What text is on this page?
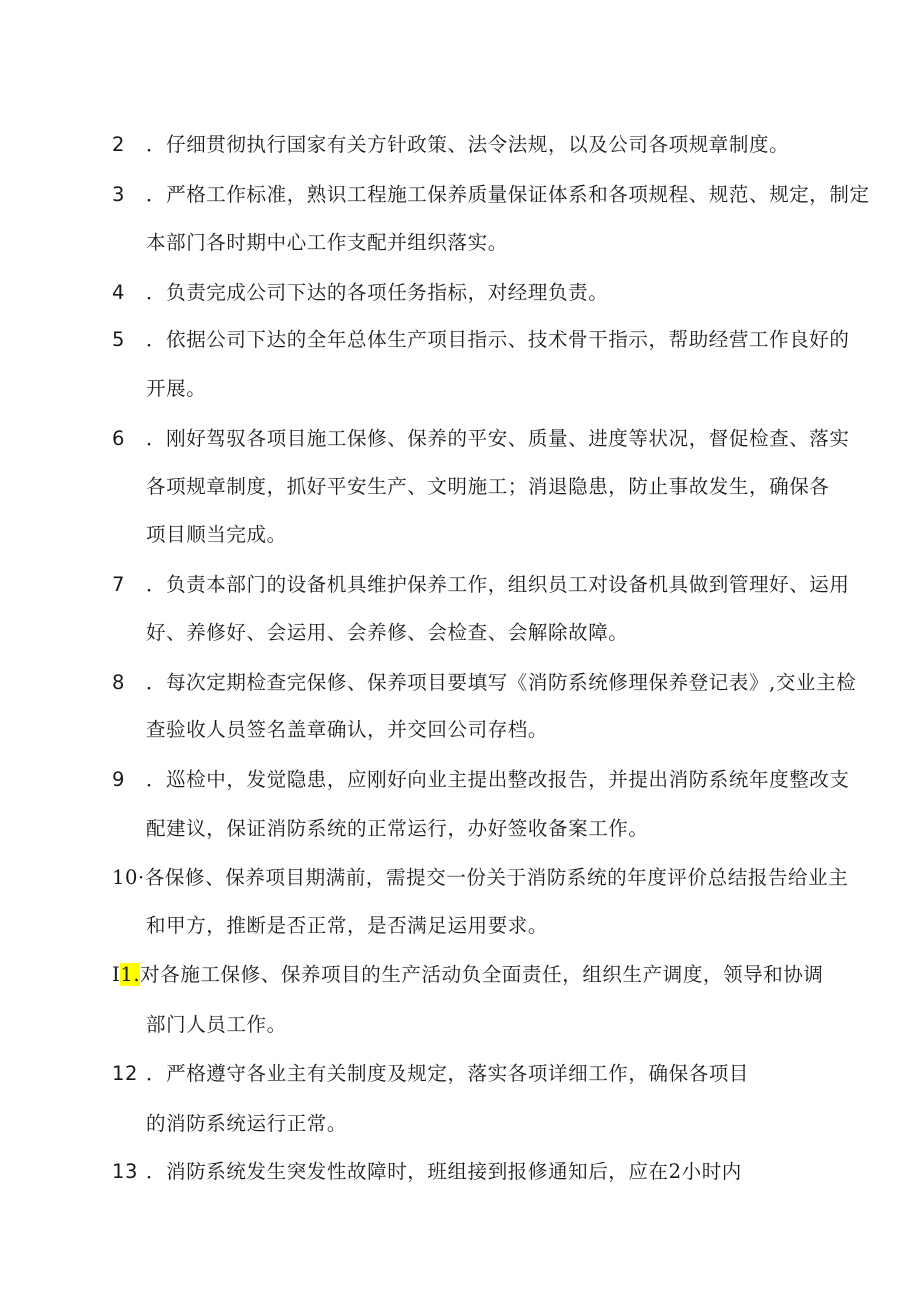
2 ．仔细贯彻执行国家有关方针政策、法令法规，以及公司各项规章制度。
3 ．严格工作标准，熟识工程施工保养质量保证体系和各项规程、规范、规定，制定
本部门各时期中心工作支配并组织落实。
4 ．负责完成公司下达的各项任务指标，对经理负责。
5 ．依据公司下达的全年总体生产项目指示、技术骨干指示，帮助经营工作良好的
开展。
6 ．刚好驾驭各项目施工保修、保养的平安、质量、进度等状况，督促检查、落实
各项规章制度，抓好平安生产、文明施工；消退隐患，防止事故发生，确保各
项目顺当完成。
7 ．负责本部门的设备机具维护保养工作，组织员工对设备机具做到管理好、运用
好、养修好、会运用、会养修、会检查、会解除故障。
8 ．每次定期检查完保修、保养项目要填写《消防系统修理保养登记表》,交业主检
查验收人员签名盖章确认，并交回公司存档。
9 ．巡检中，发觉隐患，应刚好向业主提出整改报告，并提出消防系统年度整改支
配建议，保证消防系统的正常运行，办好签收备案工作。
10·各保修、保养项目期满前，需提交一份关于消防系统的年度评价总结报告给业主
和甲方，推断是否正常，是否满足运用要求。
I1.对各施工保修、保养项目的生产活动负全面责任，组织生产调度，领导和协调
部门人员工作。
12 ．严格遵守各业主有关制度及规定，落实各项详细工作，确保各项目
的消防系统运行正常。
13 ．消防系统发生突发性故障时，班组接到报修通知后，应在2小时内
